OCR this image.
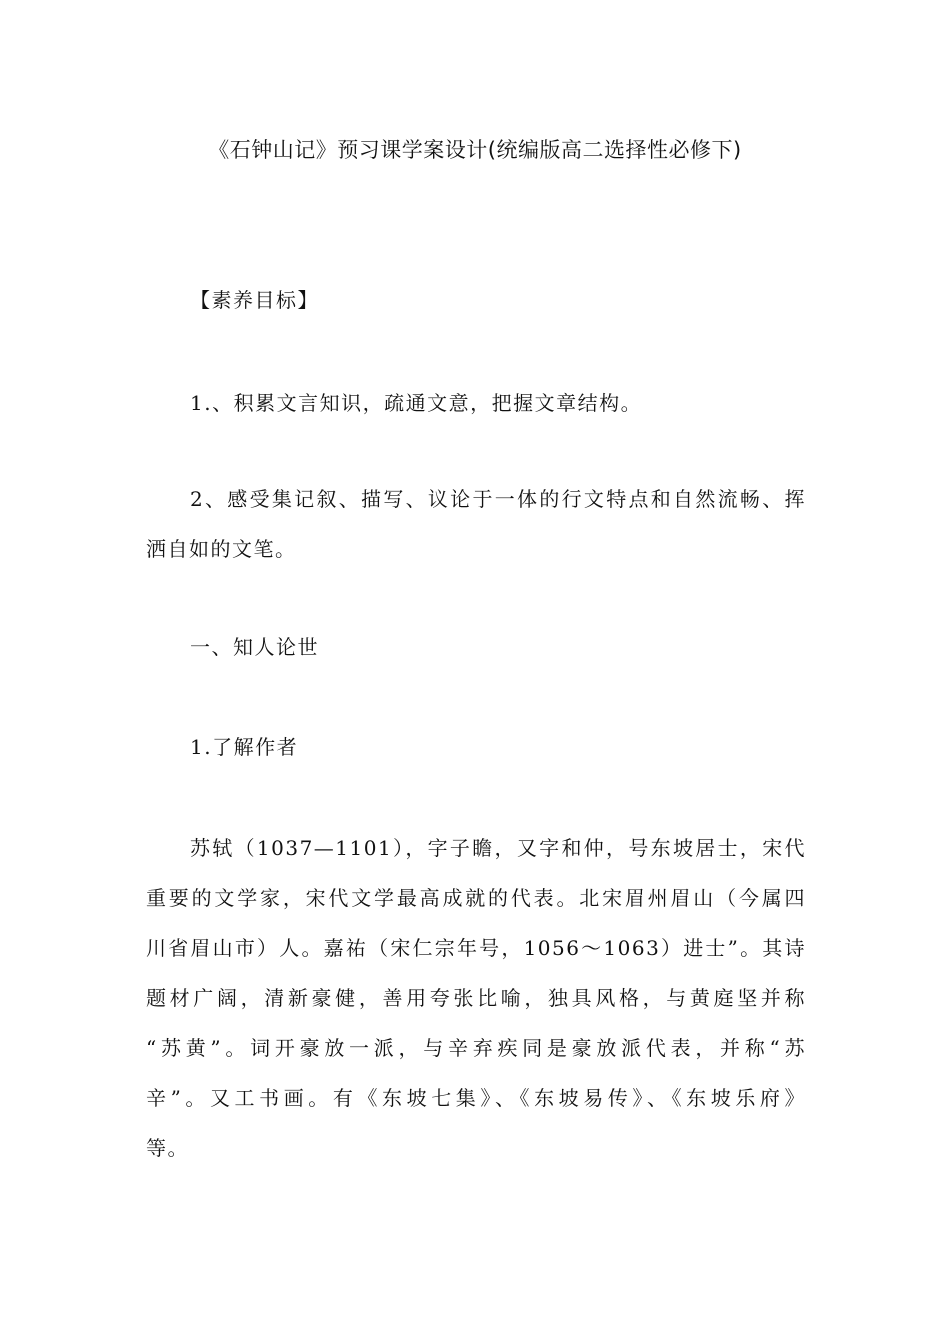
《石钟山记》预习课学案设计(统编版高二选择性必修下)
【素养目标】
1.、积累文言知识，疏通文意，把握文章结构。
2、感受集记叙、描写、议论于一体的行文特点和自然流畅、挥
洒自如的文笔。
一、知人论世
1.了解作者
苏轼（1037—1101），字子瞻，又字和仲，号东坡居士，宋代
重要的文学家，宋代文学最高成就的代表。北宋眉州眉山（今属四
川省眉山市）人。嘉祐（宋仁宗年号，1056～1063）进士”。其诗
题材广阔，清新豪健，善用夸张比喻，独具风格，与黄庭坚并称
“苏黄”。词开豪放一派，与辛弃疾同是豪放派代表，并称“苏
辛”。又工书画。有《东坡七集》、《东坡易传》、《东坡乐府》
等。
